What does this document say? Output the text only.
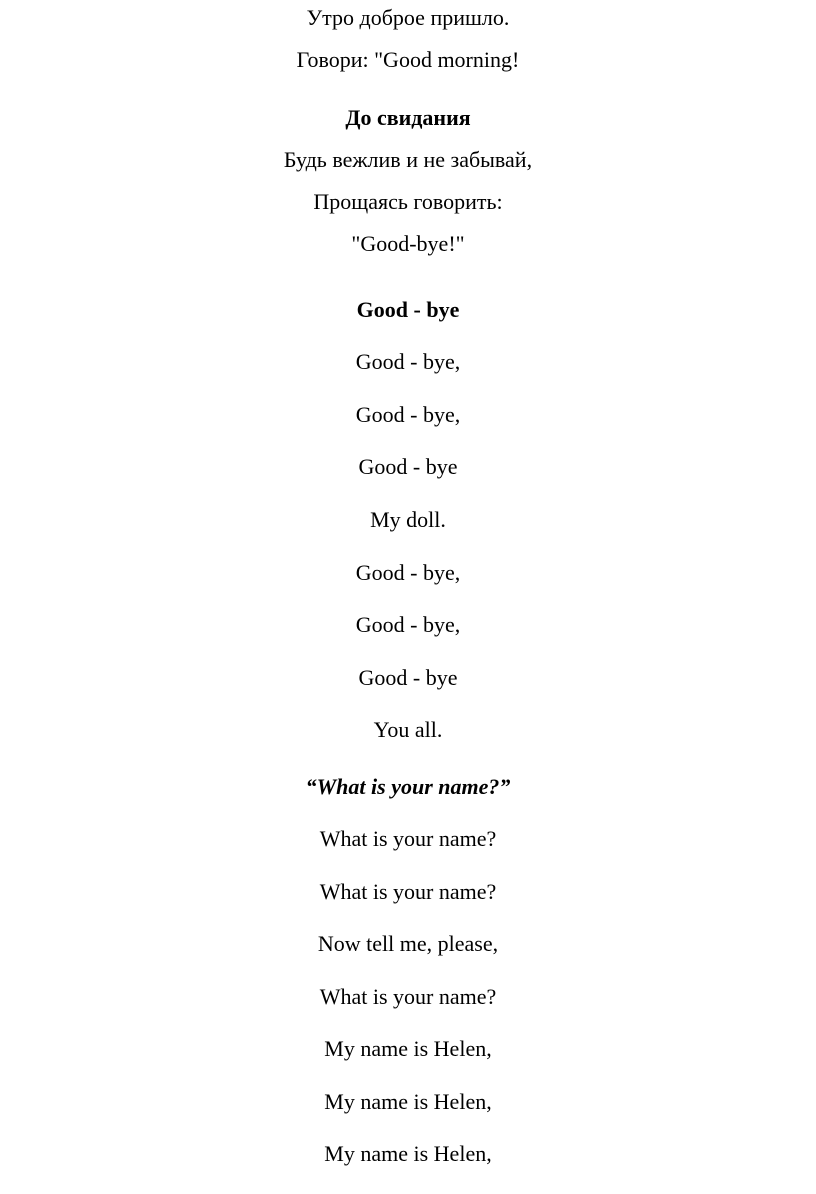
Утро доброе пришло.
Говори: "Good morning!
До свидания
Будь вежлив и не забывай,
Прощаясь говорить:
"Good-bye!"
Good - bye
Good - bye,
Good - bye,
Good - bye
My doll.
Good - bye,
Good - bye,
Good - bye
You all.
“What is your name?”
What is your name?
What is your name?
Now tell me, please,
What is your name?
My name is Helen,
My name is Helen,
My name is Helen,
